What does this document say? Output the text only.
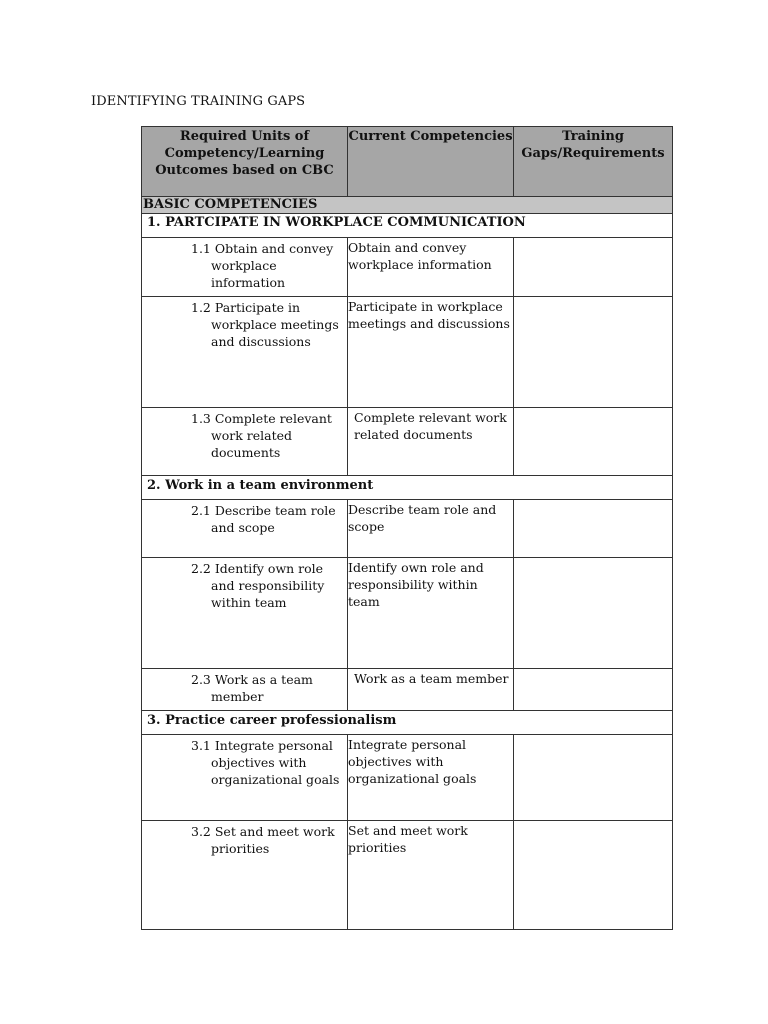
IDENTIFYING TRAINING GAPS
Required Units of Competency/Learning Outcomes based on CBC	Current Competencies	Training Gaps/Requirements
BASIC COMPETENCIES		
1. PARTCIPATE IN WORKPLACE COMMUNICATION		
1.1 Obtain and convey workplace information	Obtain and convey workplace information	
1.2 Participate in workplace meetings and discussions	Participate in workplace meetings and discussions	
1.3 Complete relevant work related documents	Complete relevant work related documents	
2. Work in a team environment		
2.1 Describe team role and scope	Describe team role and scope	
2.2 Identify own role and responsibility within team	Identify own role and responsibility within team	
2.3 Work as a team member	Work as a team member	
3. Practice career professionalism		
3.1 Integrate personal objectives with organizational goals	Integrate personal objectives with organizational goals	
3.2 Set and meet work priorities	Set and meet work priorities	
